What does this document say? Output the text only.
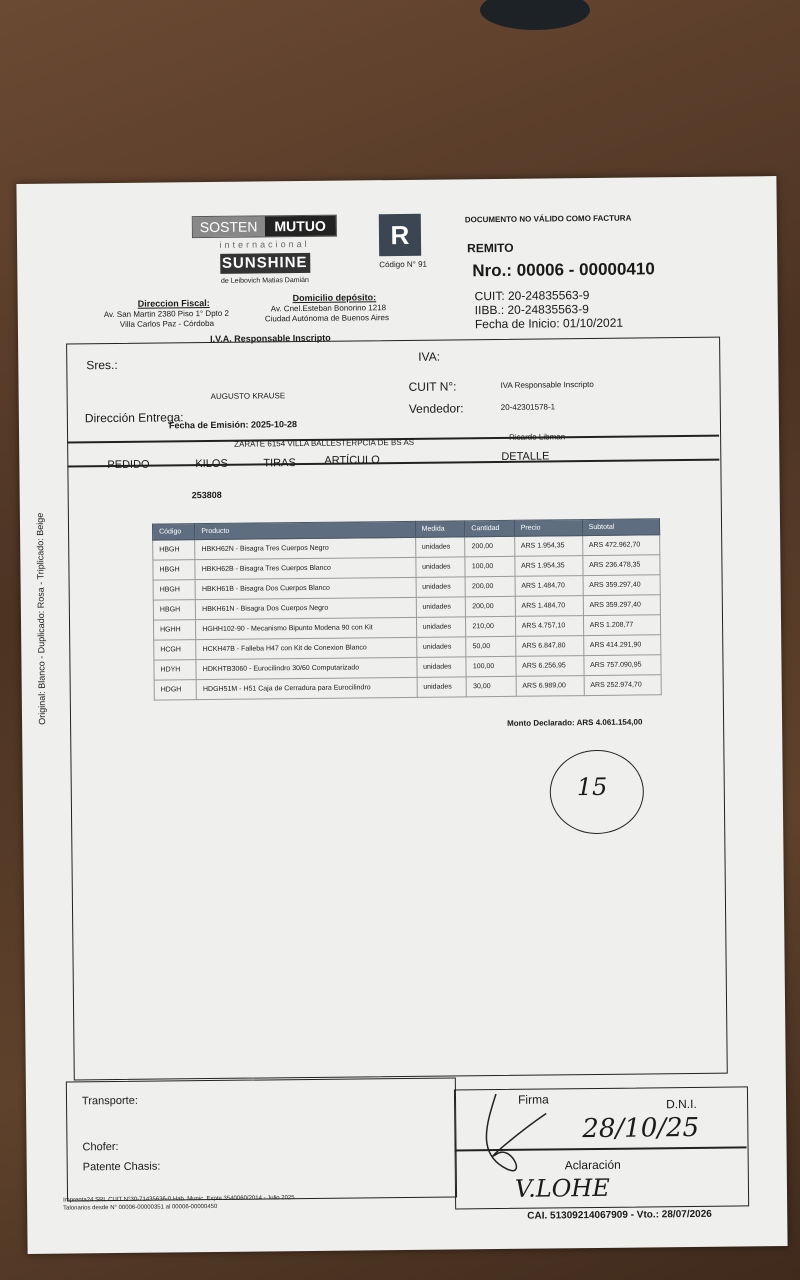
SOSTEN	MUTUO
internacional
SUNSHINE
de Leibovich Matias Damián
R
Código N° 91
DOCUMENTO NO VÁLIDO COMO FACTURA
REMITO
Nro.: 00006 - 00000410
CUIT: 20-24835563-9
IIBB.: 20-24835563-9
Fecha de Inicio: 01/10/2021
Direccion Fiscal:
Av. San Martin 2380 Piso 1° Dpto 2
Villa Carlos Paz - Córdoba
Domicilio depósito:
Av. Cnel.Esteban Bonorino 1218
Ciudad Autónoma de Buenos Aires
I.V.A. Responsable Inscripto
Sres.:
IVA:
AUGUSTO KRAUSE
CUIT N°:	IVA Responsable Inscripto
Dirección Entrega:
Fecha de Emisión: 2025-10-28
Vendedor:	20-42301578-1
ZARATE 6154 VILLA BALLESTERPCIA DE BS AS
Ricardo Libman
PEDIDO	KILOS	TIRAS	ARTÍCULO	DETALLE
253808
Código	Producto	Medida	Cantidad	Precio	Subtotal
HBGH	HBKH62N - Bisagra Tres Cuerpos Negro	unidades	200,00	ARS 1.954,35	ARS 472.962,70
HBGH	HBKH62B - Bisagra Tres Cuerpos Blanco	unidades	100,00	ARS 1.954,35	ARS 236.478,35
HBGH	HBKH61B - Bisagra Dos Cuerpos Blanco	unidades	200,00	ARS 1.484,70	ARS 359.297,40
HBGH	HBKH61N - Bisagra Dos Cuerpos Negro	unidades	200,00	ARS 1.484,70	ARS 359.297,40
HGHH	HGHH102-90 - Mecanismo Bipunto Modena 90 con Kit	unidades	210,00	ARS 4.757,10	ARS 1.208,77
HCGH	HCKH47B - Falleba H47 con Kit de Conexion Blanco	unidades	50,00	ARS 6.847,80	ARS 414.291,90
HDYH	HDKHTB3060 - Eurocilindro 30/60 Computarizado	unidades	100,00	ARS 6.256,95	ARS 757.090,95
HDGH	HDGH51M - H51 Caja de Cerradura para Eurocilindro	unidades	30,00	ARS 6.989,00	ARS 252.974,70
Monto Declarado: ARS 4.061.154,00
15
Original: Blanco - Duplicado: Rosa - Triplicado: Beige
Transporte:
Chofer:
Patente Chasis:
Firma	D.N.I.
Aclaración
28/10/25
V.LOHE
Imprenta24 SRL CUIT N°30-71435636-0 Hab. Munic. Expte 3540060/2014 - Julio 2025
Talonarios desde N° 00006-00000351 al 00006-00000450
CAI. 51309214067909 - Vto.: 28/07/2026
